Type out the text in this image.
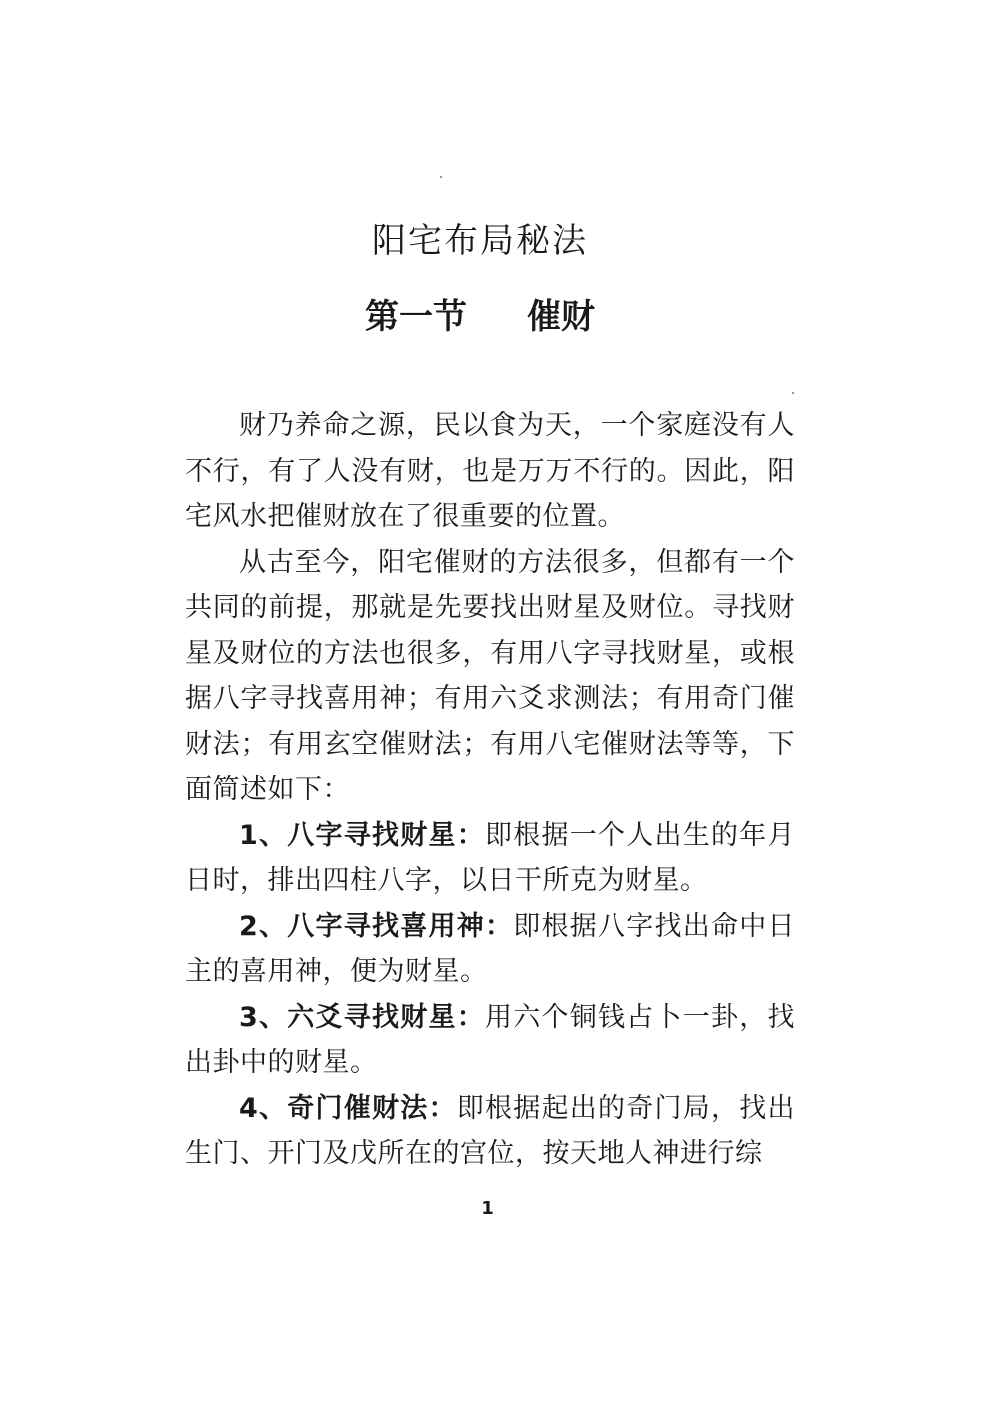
阳宅布局秘法
第一节 催财

财乃养命之源，民以食为天，一个家庭没有人不行，有了人没有财，也是万万不行的。因此，阳宅风水把催财放在了很重要的位置。

从古至今，阳宅催财的方法很多，但都有一个共同的前提，那就是先要找出财星及财位。寻找财星及财位的方法也很多，有用八字寻找财星，或根据八字寻找喜用神；有用六爻求测法；有用奇门催财法；有用玄空催财法；有用八宅催财法等等，下面简述如下：

1、八字寻找财星：即根据一个人出生的年月日时，排出四柱八字，以日干所克为财星。

2、八字寻找喜用神：即根据八字找出命中日主的喜用神，便为财星。

3、六爻寻找财星：用六个铜钱占卜一卦，找出卦中的财星。

4、奇门催财法：即根据起出的奇门局，找出生门、开门及戊所在的宫位，按天地人神进行综

1
